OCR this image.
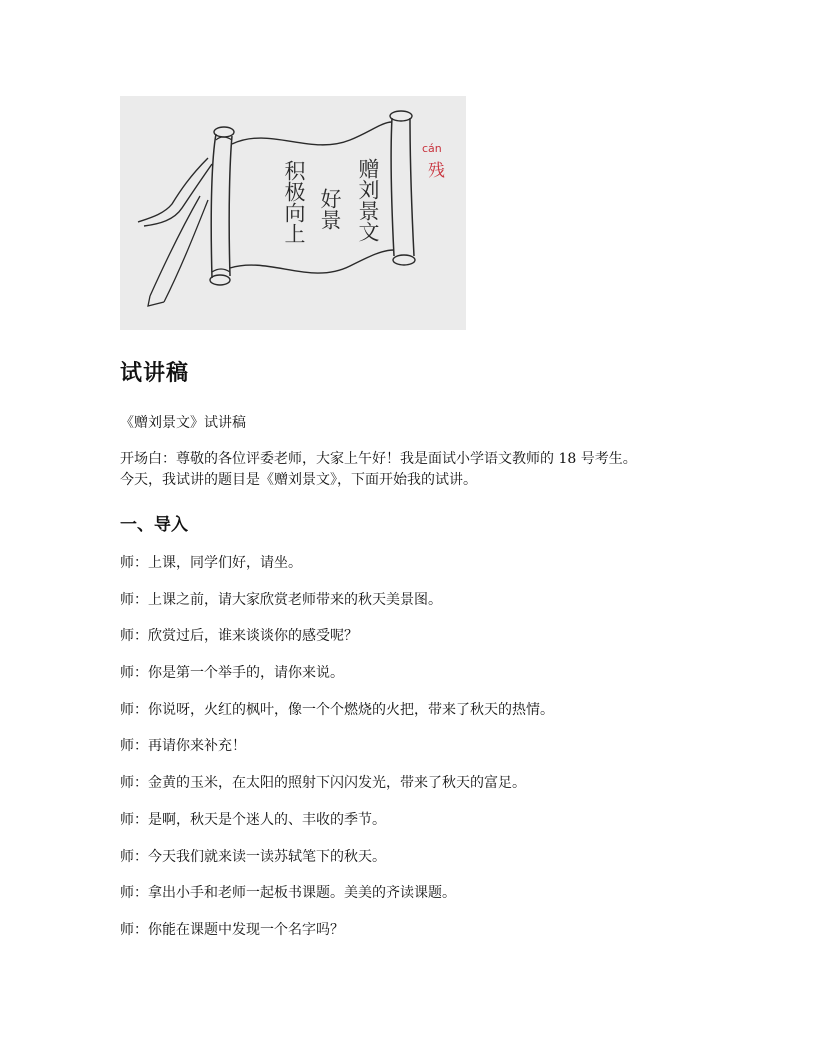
赠刘景文
好景
积极向上
cán
残
试讲稿

《赠刘景文》试讲稿

开场白：尊敬的各位评委老师，大家上午好！我是面试小学语文教师的 18 号考生。
今天，我试讲的题目是《赠刘景文》，下面开始我的试讲。
一、导入
师：上课，同学们好，请坐。
师：上课之前，请大家欣赏老师带来的秋天美景图。
师：欣赏过后，谁来谈谈你的感受呢？
师：你是第一个举手的，请你来说。
师：你说呀，火红的枫叶，像一个个燃烧的火把，带来了秋天的热情。
师：再请你来补充！
师：金黄的玉米，在太阳的照射下闪闪发光，带来了秋天的富足。
师：是啊，秋天是个迷人的、丰收的季节。
师：今天我们就来读一读苏轼笔下的秋天。
师：拿出小手和老师一起板书课题。美美的齐读课题。
师：你能在课题中发现一个名字吗？
